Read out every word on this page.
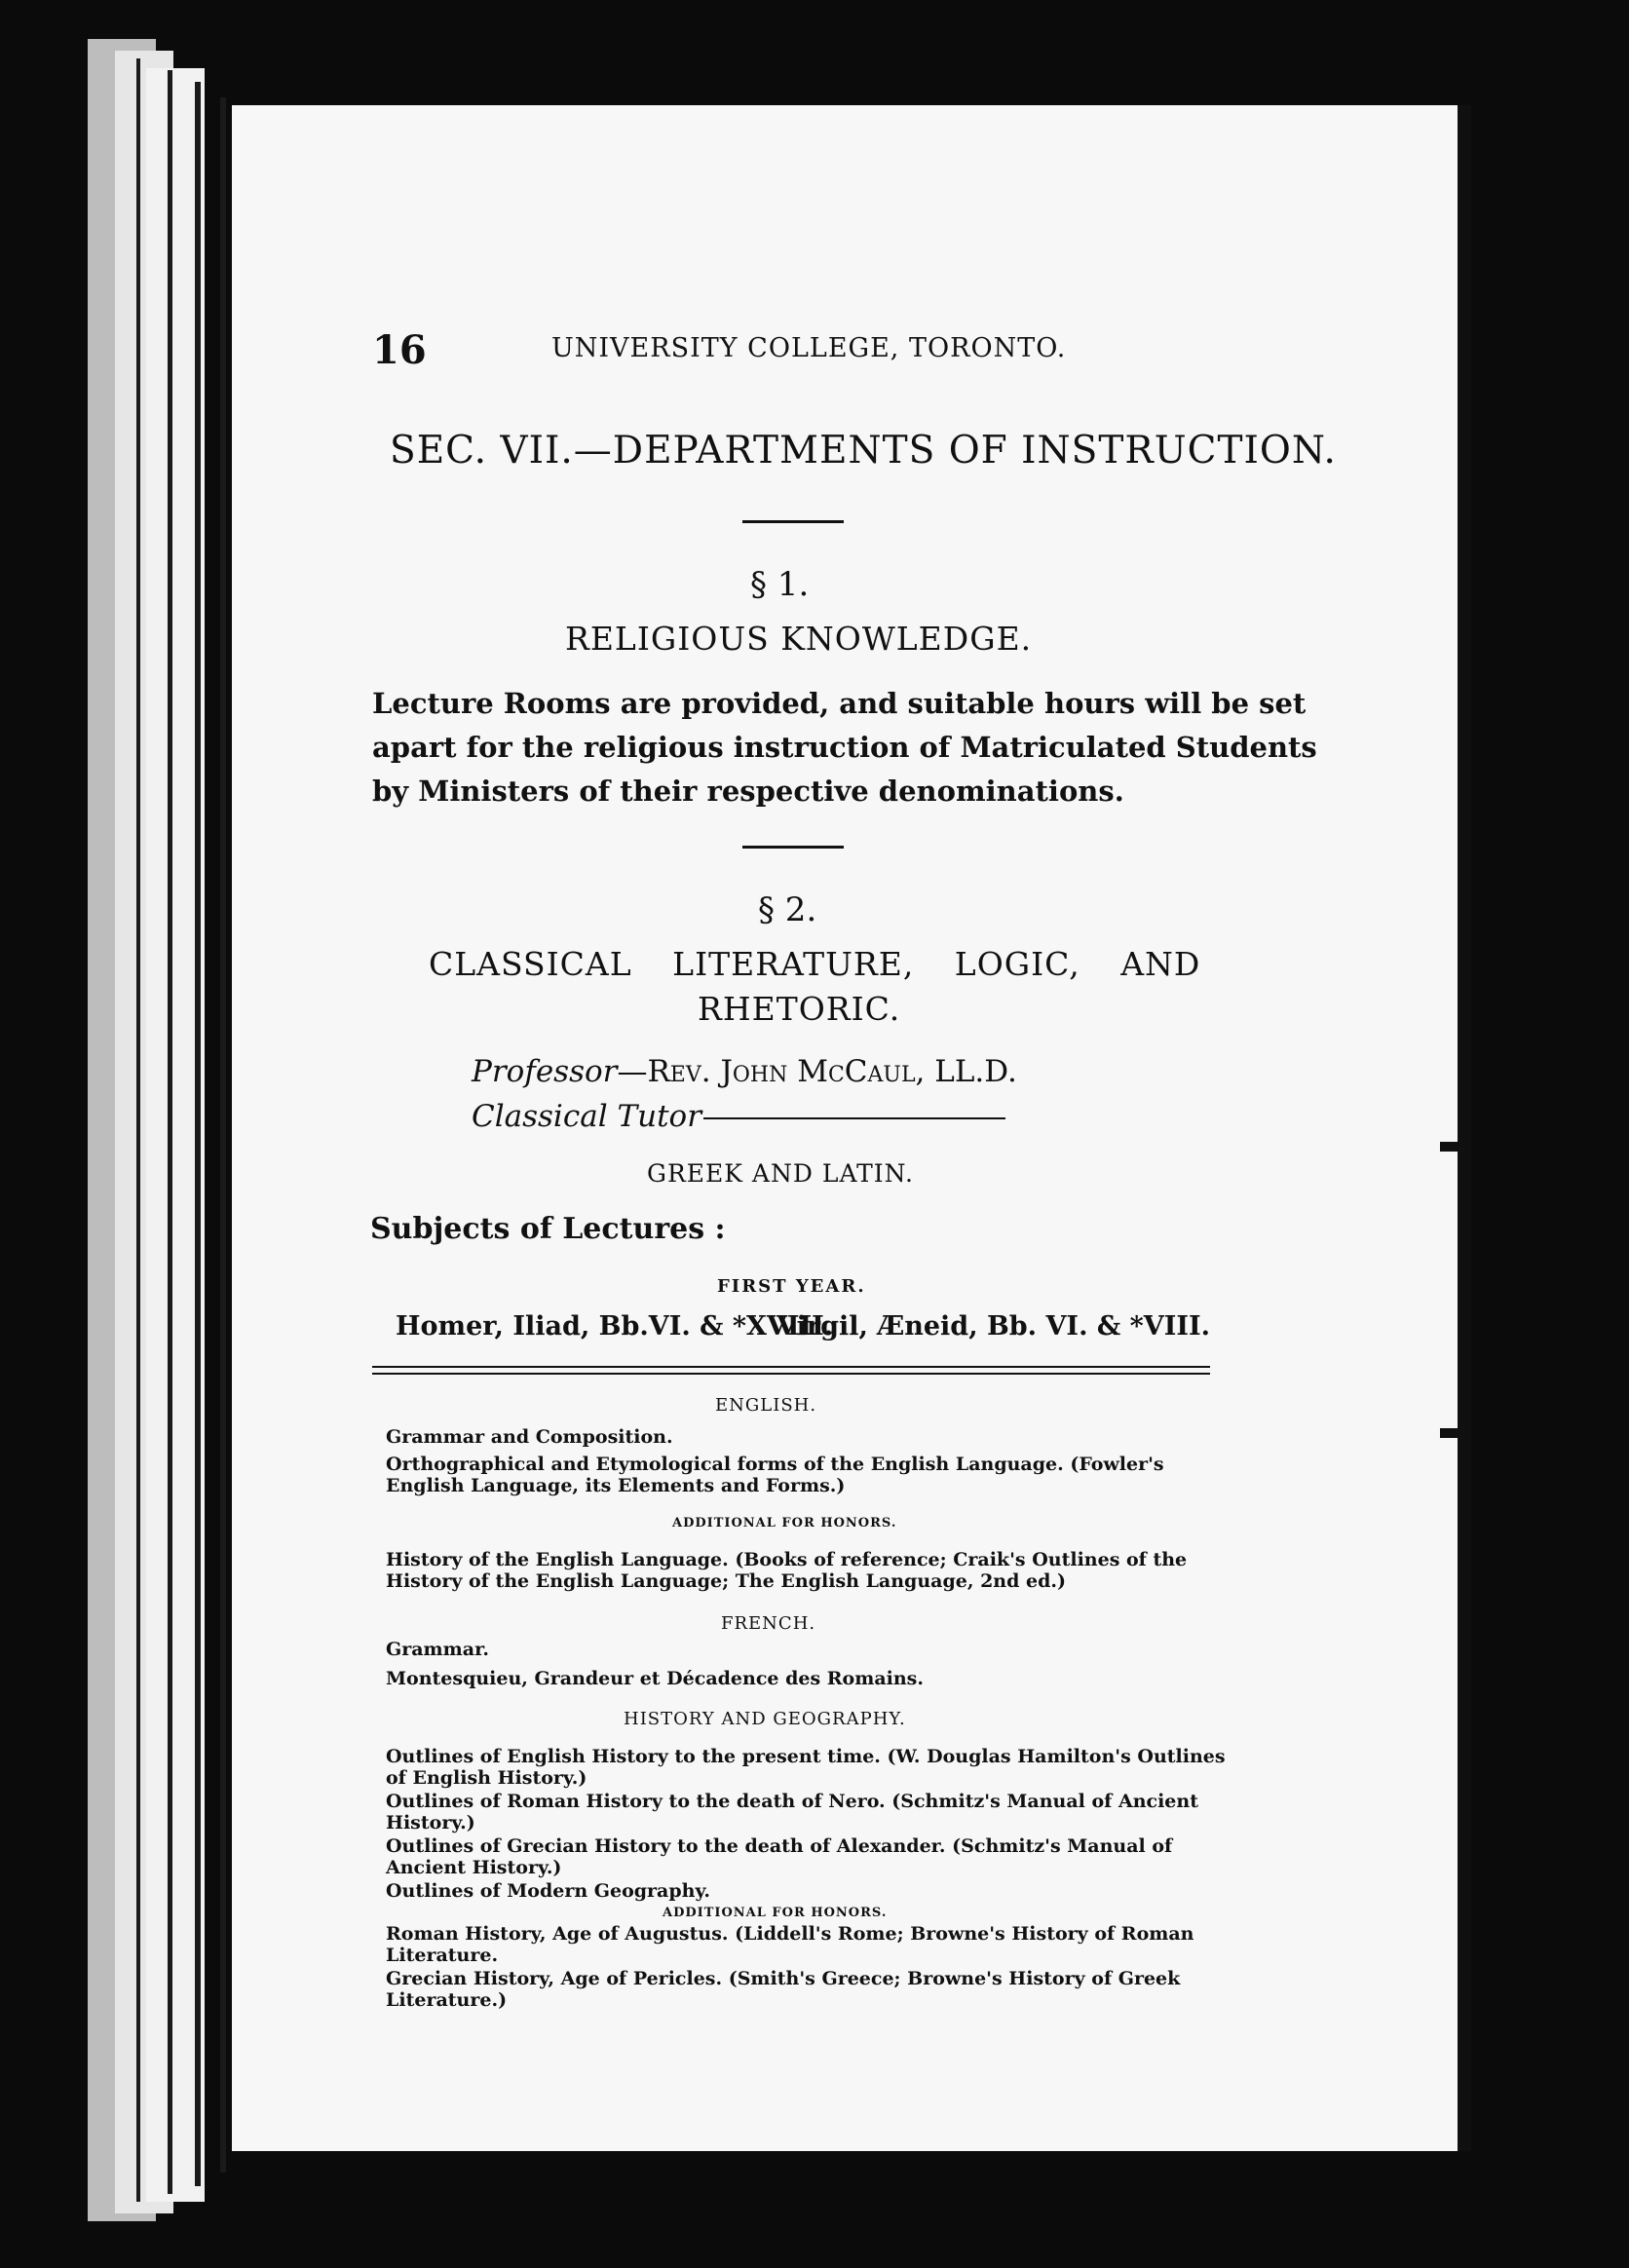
16	UNIVERSITY COLLEGE, TORONTO.
SEC. VII.—DEPARTMENTS OF INSTRUCTION.
§ 1.
RELIGIOUS KNOWLEDGE.
Lecture Rooms are provided, and suitable hours will be set
apart for the religious instruction of Matriculated Students
by Ministers of their respective denominations.
§ 2.
CLASSICAL LITERATURE, LOGIC, AND
RHETORIC.
Professor—Rev. John McCaul, LL.D.
Classical Tutor
GREEK AND LATIN.
Subjects of Lectures :
FIRST YEAR.
Homer, Iliad, Bb.VI. & *XVIII.
Virgil, Æneid, Bb. VI. & *VIII.
ENGLISH.
Grammar and Composition.
Orthographical and Etymological forms of the English Language. (Fowler's
English Language, its Elements and Forms.)
ADDITIONAL FOR HONORS.
History of the English Language. (Books of reference; Craik's Outlines of the
History of the English Language; The English Language, 2nd ed.)
FRENCH.
Grammar.
Montesquieu, Grandeur et Décadence des Romains.
HISTORY AND GEOGRAPHY.
Outlines of English History to the present time. (W. Douglas Hamilton's Outlines
of English History.)
Outlines of Roman History to the death of Nero. (Schmitz's Manual of Ancient
History.)
Outlines of Grecian History to the death of Alexander. (Schmitz's Manual of
Ancient History.)
Outlines of Modern Geography.
ADDITIONAL FOR HONORS.
Roman History, Age of Augustus. (Liddell's Rome; Browne's History of Roman
Literature.
Grecian History, Age of Pericles. (Smith's Greece; Browne's History of Greek
Literature.)
